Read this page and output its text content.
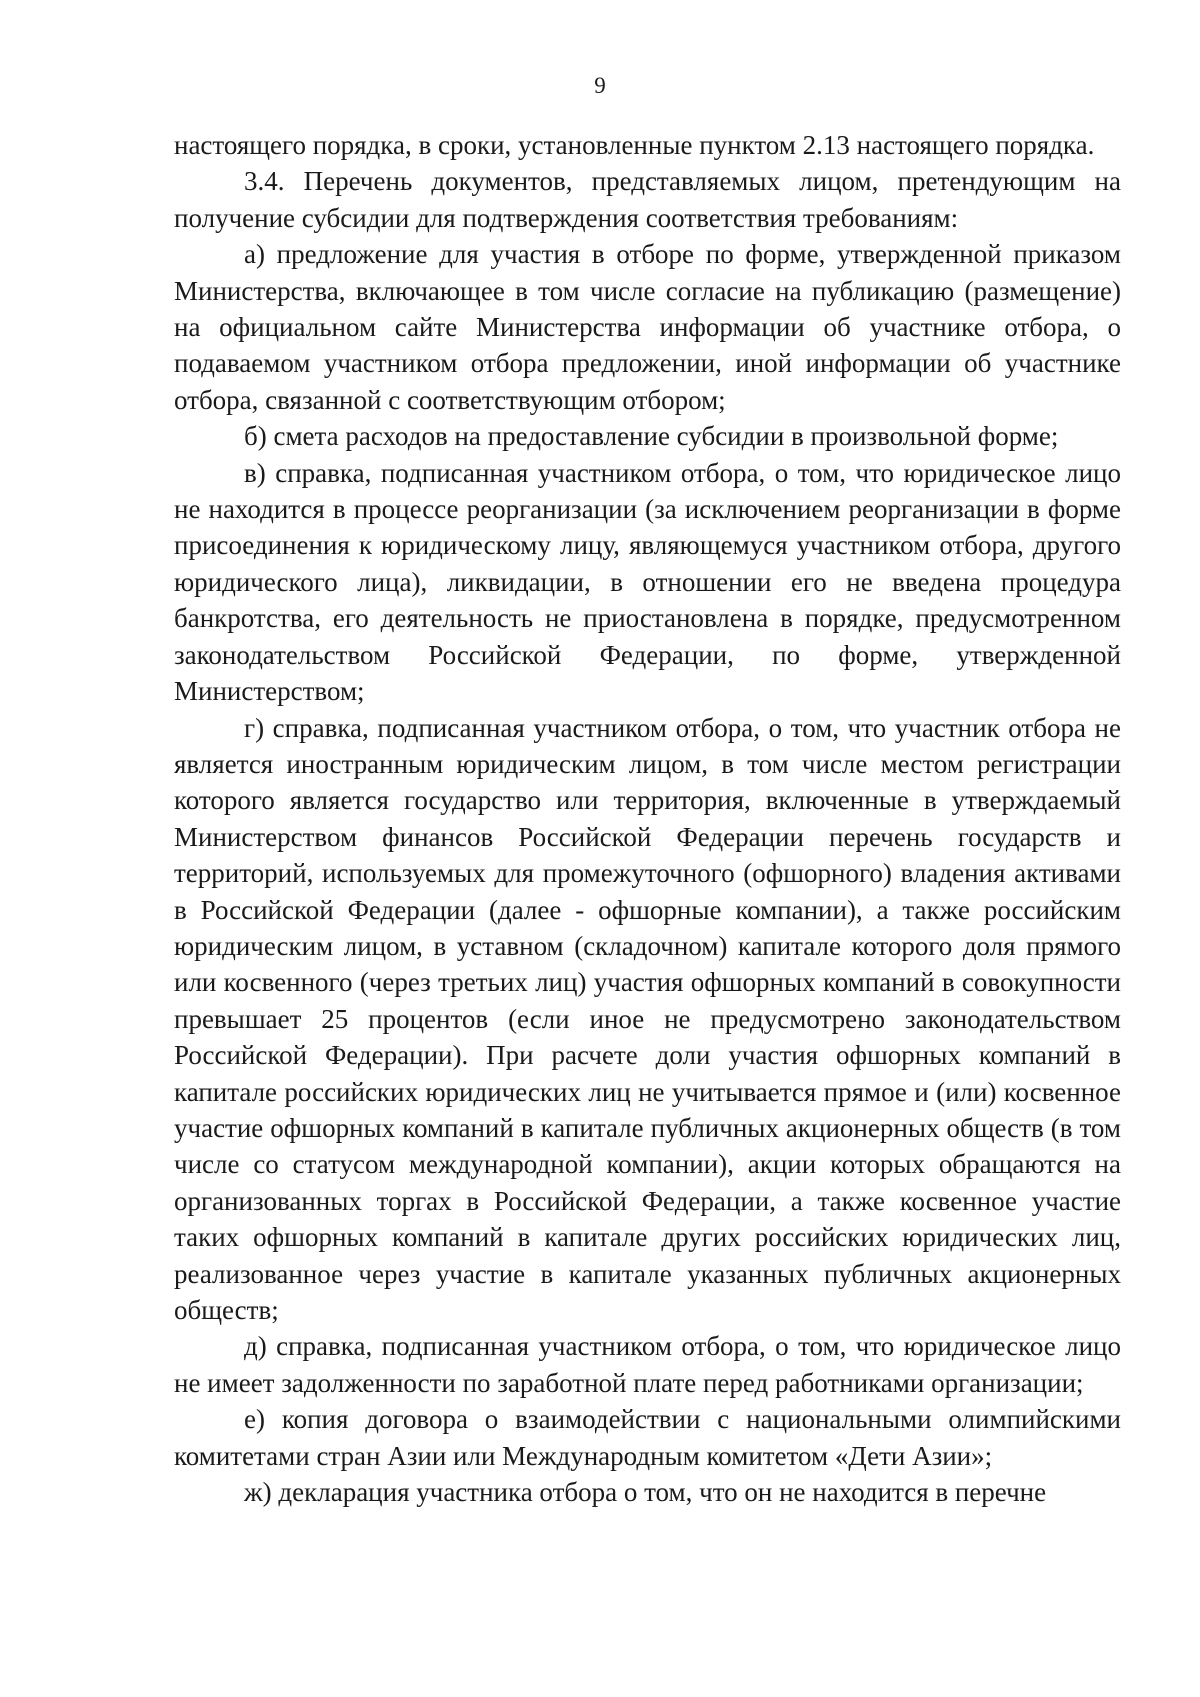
9

настоящего порядка, в сроки, установленные пунктом 2.13 настоящего порядка.

3.4. Перечень документов, представляемых лицом, претендующим на получение субсидии для подтверждения соответствия требованиям:

а) предложение для участия в отборе по форме, утвержденной приказом Министерства, включающее в том числе согласие на публикацию (размещение) на официальном сайте Министерства информации об участнике отбора, о подаваемом участником отбора предложении, иной информации об участнике отбора, связанной с соответствующим отбором;

б) смета расходов на предоставление субсидии в произвольной форме;

в) справка, подписанная участником отбора, о том, что юридическое лицо не находится в процессе реорганизации (за исключением реорганизации в форме присоединения к юридическому лицу, являющемуся участником отбора, другого юридического лица), ликвидации, в отношении его не введена процедура банкротства, его деятельность не приостановлена в порядке, предусмотренном законодательством Российской Федерации, по форме, утвержденной Министерством;

г) справка, подписанная участником отбора, о том, что участник отбора не является иностранным юридическим лицом, в том числе местом регистрации которого является государство или территория, включенные в утверждаемый Министерством финансов Российской Федерации перечень государств и территорий, используемых для промежуточного (офшорного) владения активами в Российской Федерации (далее - офшорные компании), а также российским юридическим лицом, в уставном (складочном) капитале которого доля прямого или косвенного (через третьих лиц) участия офшорных компаний в совокупности превышает 25 процентов (если иное не предусмотрено законодательством Российской Федерации). При расчете доли участия офшорных компаний в капитале российских юридических лиц не учитывается прямое и (или) косвенное участие офшорных компаний в капитале публичных акционерных обществ (в том числе со статусом международной компании), акции которых обращаются на организованных торгах в Российской Федерации, а также косвенное участие таких офшорных компаний в капитале других российских юридических лиц, реализованное через участие в капитале указанных публичных акционерных обществ;

д) справка, подписанная участником отбора, о том, что юридическое лицо не имеет задолженности по заработной плате перед работниками организации;

е) копия договора о взаимодействии с национальными олимпийскими комитетами стран Азии или Международным комитетом «Дети Азии»;

ж) декларация участника отбора о том, что он не находится в перечне
